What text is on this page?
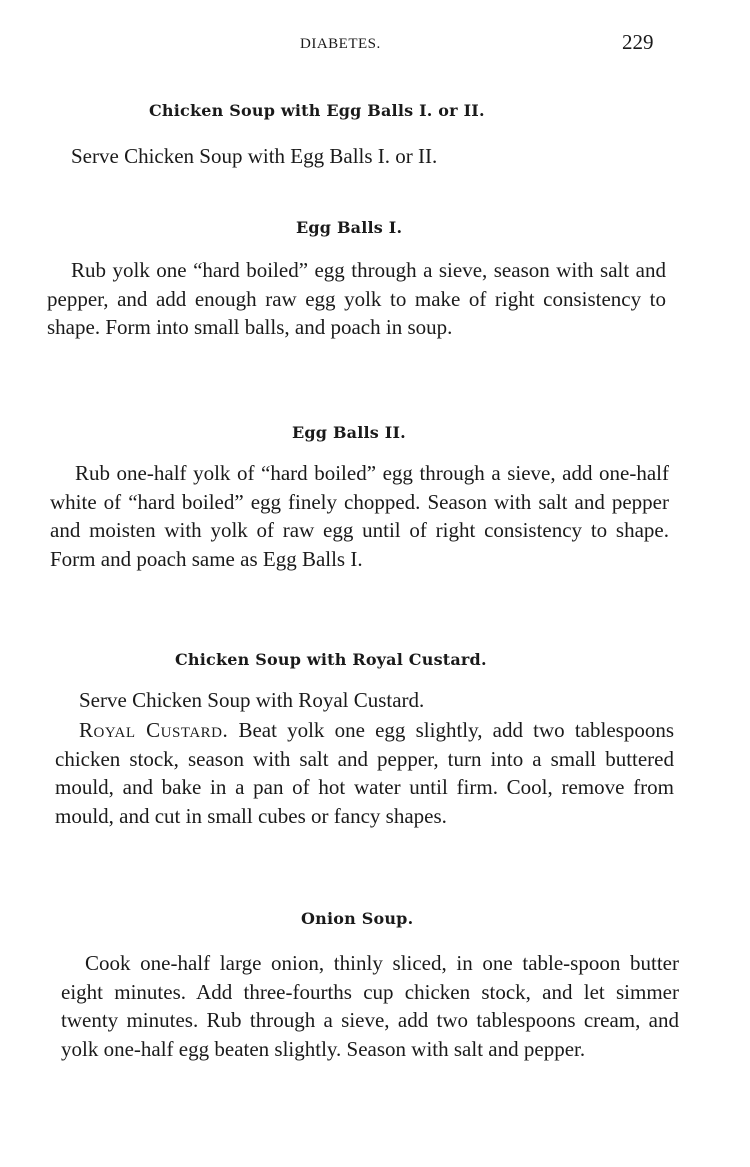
DIABETES.	229
Chicken Soup with Egg Balls I. or II.
Serve Chicken Soup with Egg Balls I. or II.
Egg Balls I.
Rub yolk one “hard boiled” egg through a sieve, season with salt and pepper, and add enough raw egg yolk to make of right consistency to shape. Form into small balls, and poach in soup.
Egg Balls II.
Rub one-half yolk of “hard boiled” egg through a sieve, add one-half white of “hard boiled” egg finely chopped. Season with salt and pepper and moisten with yolk of raw egg until of right consistency to shape. Form and poach same as Egg Balls I.
Chicken Soup with Royal Custard.
Serve Chicken Soup with Royal Custard.
Royal Custard. Beat yolk one egg slightly, add two tablespoons chicken stock, season with salt and pepper, turn into a small buttered mould, and bake in a pan of hot water until firm. Cool, remove from mould, and cut in small cubes or fancy shapes.
Onion Soup.
Cook one-half large onion, thinly sliced, in one table-spoon butter eight minutes. Add three-fourths cup chicken stock, and let simmer twenty minutes. Rub through a sieve, add two tablespoons cream, and yolk one-half egg beaten slightly. Season with salt and pepper.
